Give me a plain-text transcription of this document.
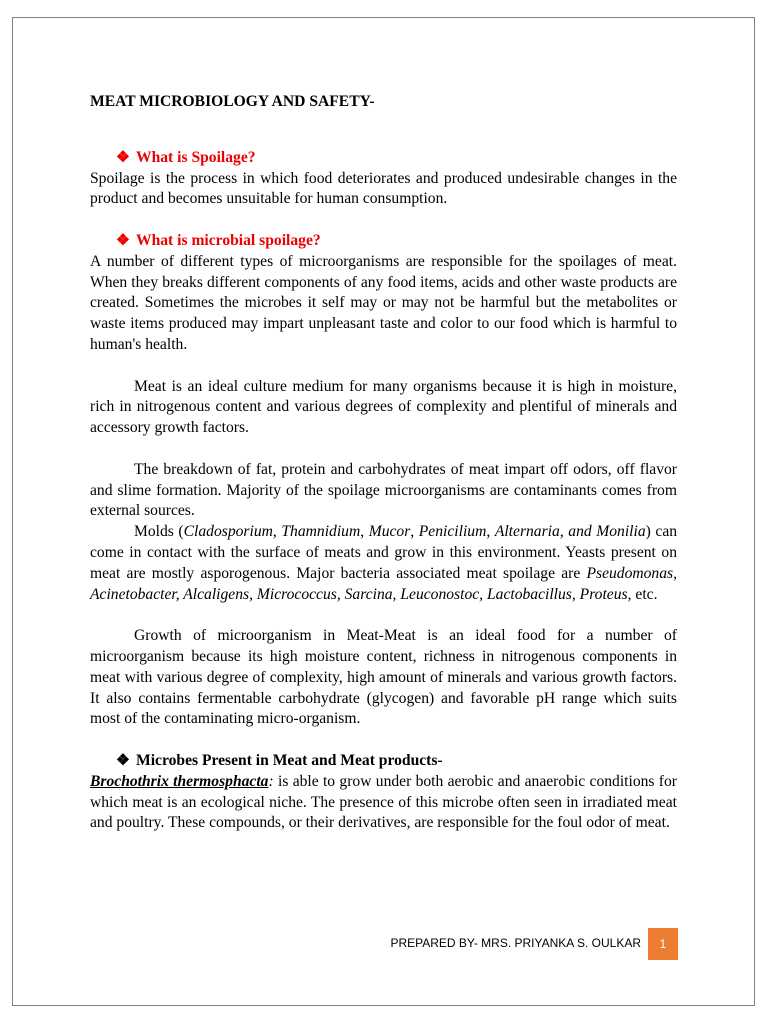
MEAT MICROBIOLOGY AND SAFETY-
❖ What is Spoilage?

Spoilage is the process in which food deteriorates and produced undesirable changes in the product and becomes unsuitable for human consumption.

❖ What is microbial spoilage?

A number of different types of microorganisms are responsible for the spoilages of meat. When they breaks different components of any food items, acids and other waste products are created. Sometimes the microbes it self may or may not be harmful but the metabolites or waste items produced may impart unpleasant taste and color to our food which is harmful to human's health.

Meat is an ideal culture medium for many organisms because it is high in moisture, rich in nitrogenous content and various degrees of complexity and plentiful of minerals and accessory growth factors.

The breakdown of fat, protein and carbohydrates of meat impart off odors, off flavor and slime formation. Majority of the spoilage microorganisms are contaminants comes from external sources.

Molds (Cladosporium, Thamnidium, Mucor, Penicilium, Alternaria, and Monilia) can come in contact with the surface of meats and grow in this environment. Yeasts present on meat are mostly asporogenous. Major bacteria associated meat spoilage are Pseudomonas, Acinetobacter, Alcaligens, Micrococcus, Sarcina, Leuconostoc, Lactobacillus, Proteus, etc.

Growth of microorganism in Meat-Meat is an ideal food for a number of microorganism because its high moisture content, richness in nitrogenous components in meat with various degree of complexity, high amount of minerals and various growth factors. It also contains fermentable carbohydrate (glycogen) and favorable pH range which suits most of the contaminating micro-organism.

❖ Microbes Present in Meat and Meat products-

Brochothrix thermosphacta: is able to grow under both aerobic and anaerobic conditions for which meat is an ecological niche. The presence of this microbe often seen in irradiated meat and poultry. These compounds, or their derivatives, are responsible for the foul odor of meat.

PREPARED BY- MRS. PRIYANKA S. OULKAR	1
